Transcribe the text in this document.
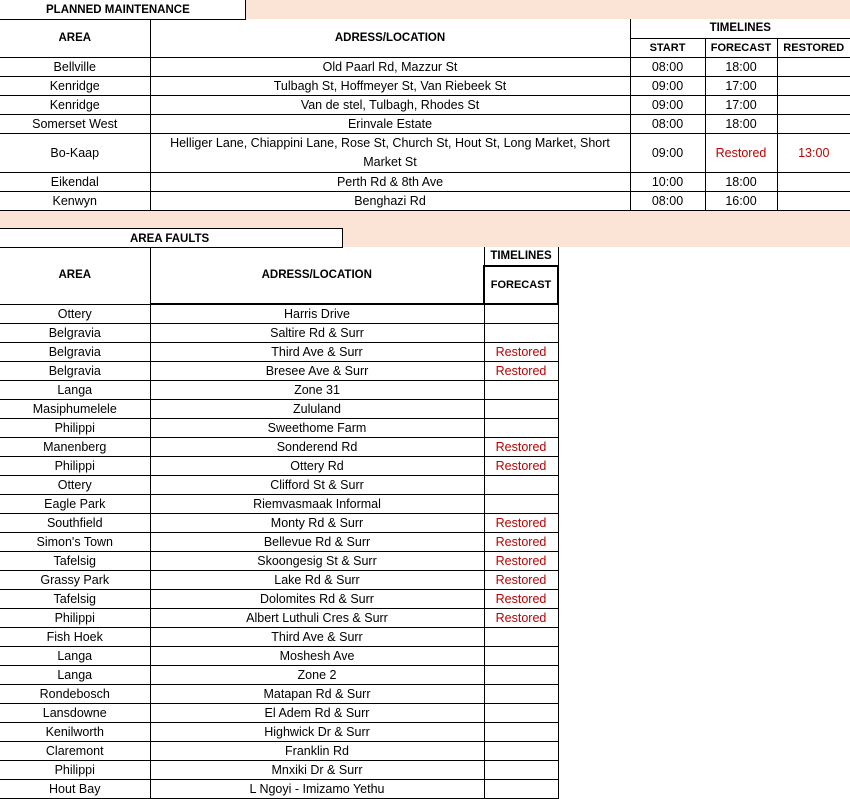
PLANNED MAINTENANCE
AREA	ADRESS/LOCATION	TIMELINES		
		START	FORECAST	RESTORED
Bellville	Old Paarl Rd, Mazzur St	08:00	18:00	
Kenridge	Tulbagh St, Hoffmeyer St, Van Riebeek St	09:00	17:00	
Kenridge	Van de stel, Tulbagh, Rhodes St	09:00	17:00	
Somerset West	Erinvale Estate	08:00	18:00	
Bo-Kaap	Helliger Lane, Chiappini Lane, Rose St, Church St, Hout St, Long Market, Short Market St	09:00	Restored	13:00
Eikendal	Perth Rd & 8th Ave	10:00	18:00	
Kenwyn	Benghazi Rd	08:00	16:00	
AREA FAULTS
AREA	ADRESS/LOCATION	TIMELINES
		FORECAST
Ottery	Harris Drive	
Belgravia	Saltire Rd & Surr	
Belgravia	Third Ave & Surr	Restored
Belgravia	Bresee Ave & Surr	Restored
Langa	Zone 31	
Masiphumelele	Zululand	
Philippi	Sweethome Farm	
Manenberg	Sonderend Rd	Restored
Philippi	Ottery Rd	Restored
Ottery	Clifford St & Surr	
Eagle Park	Riemvasmaak Informal	
Southfield	Monty Rd & Surr	Restored
Simon's Town	Bellevue Rd & Surr	Restored
Tafelsig	Skoongesig St & Surr	Restored
Grassy Park	Lake Rd & Surr	Restored
Tafelsig	Dolomites Rd & Surr	Restored
Philippi	Albert Luthuli Cres & Surr	Restored
Fish Hoek	Third Ave & Surr	
Langa	Moshesh Ave	
Langa	Zone 2	
Rondebosch	Matapan Rd & Surr	
Lansdowne	El Adem Rd & Surr	
Kenilworth	Highwick Dr & Surr	
Claremont	Franklin Rd	
Philippi	Mnxiki Dr & Surr	
Hout Bay	L Ngoyi - Imizamo Yethu	
